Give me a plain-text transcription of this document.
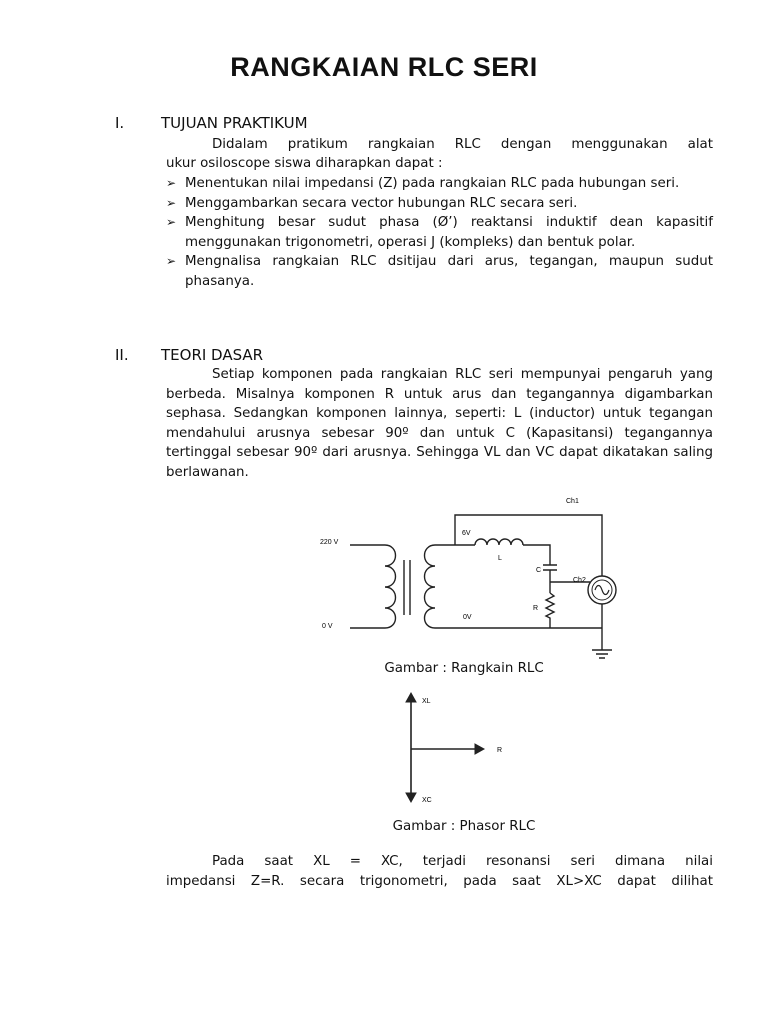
RANGKAIAN RLC SERI
I. TUJUAN PRAKTIKUM
Didalam pratikum rangkaian RLC dengan menggunakan alat
ukur osiloscope siswa diharapkan dapat :

➢ Menentukan nilai impedansi (Z) pada rangkaian RLC pada hubungan seri.

➢ Menggambarkan secara vector hubungan RLC secara seri.

➢ Menghitung besar sudut phasa (Ø’) reaktansi induktif dean kapasitif menggunakan trigonometri, operasi J (kompleks) dan bentuk polar.

➢ Mengnalisa rangkaian RLC dsitijau dari arus, tegangan, maupun sudut phasanya.

II. TEORI DASAR
Setiap komponen pada rangkaian RLC seri mempunyai pengaruh yang berbeda. Misalnya komponen R untuk arus dan tegangannya digambarkan sephasa. Sedangkan komponen lainnya, seperti: L (inductor) untuk tegangan mendahului arusnya sebesar 90º dan untuk C (Kapasitansi) tegangannya tertinggal sebesar 90º dari arusnya. Sehingga VL dan VC dapat dikatakan saling berlawanan.
Ch1
220 V
0 V
6V
L
C
Ch2
R
0V
Gambar : Rangkain RLC
XL
R
XC
Gambar : Phasor RLC
Pada saat XL = XC, terjadi resonansi seri dimana nilai
impedansi Z=R. secara trigonometri, pada saat XL>XC dapat dilihat
